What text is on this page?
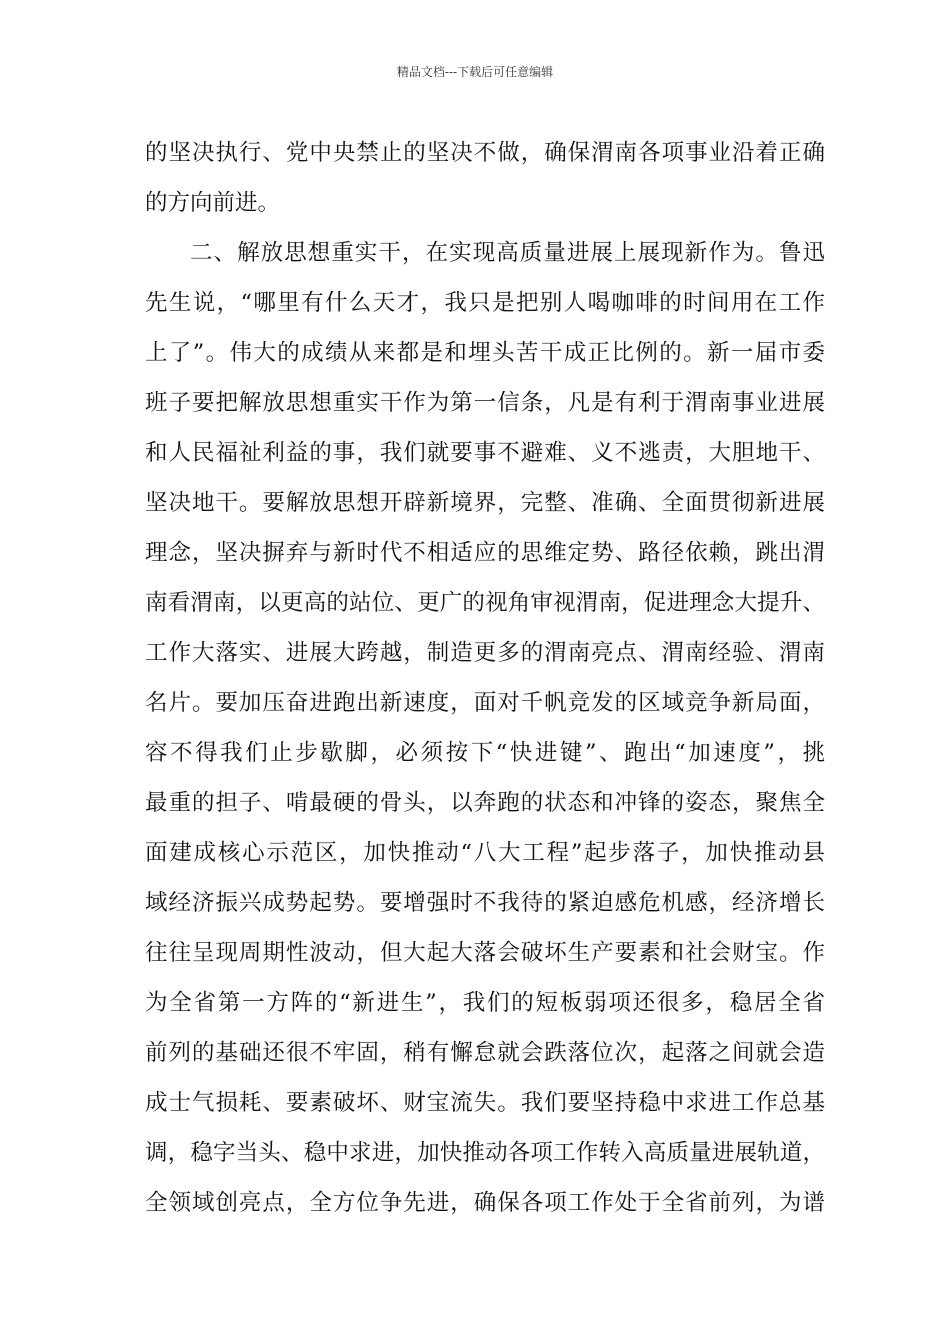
精品文档---下载后可任意编辑
的坚决执行、党中央禁止的坚决不做，确保渭南各项事业沿着正确
的方向前进。
二、解放思想重实干，在实现高质量进展上展现新作为。鲁迅
先生说，“哪里有什么天才，我只是把别人喝咖啡的时间用在工作
上了”。伟大的成绩从来都是和埋头苦干成正比例的。新一届市委
班子要把解放思想重实干作为第一信条，凡是有利于渭南事业进展
和人民福祉利益的事，我们就要事不避难、义不逃责，大胆地干、
坚决地干。要解放思想开辟新境界，完整、准确、全面贯彻新进展
理念，坚决摒弃与新时代不相适应的思维定势、路径依赖，跳出渭
南看渭南，以更高的站位、更广的视角审视渭南，促进理念大提升、
工作大落实、进展大跨越，制造更多的渭南亮点、渭南经验、渭南
名片。要加压奋进跑出新速度，面对千帆竞发的区域竞争新局面，
容不得我们止步歇脚，必须按下“快进键”、跑出“加速度”，挑
最重的担子、啃最硬的骨头，以奔跑的状态和冲锋的姿态，聚焦全
面建成核心示范区，加快推动“八大工程”起步落子，加快推动县
域经济振兴成势起势。要增强时不我待的紧迫感危机感，经济增长
往往呈现周期性波动，但大起大落会破坏生产要素和社会财宝。作
为全省第一方阵的“新进生”，我们的短板弱项还很多，稳居全省
前列的基础还很不牢固，稍有懈怠就会跌落位次，起落之间就会造
成士气损耗、要素破坏、财宝流失。我们要坚持稳中求进工作总基
调，稳字当头、稳中求进，加快推动各项工作转入高质量进展轨道，
全领域创亮点，全方位争先进，确保各项工作处于全省前列，为谱
